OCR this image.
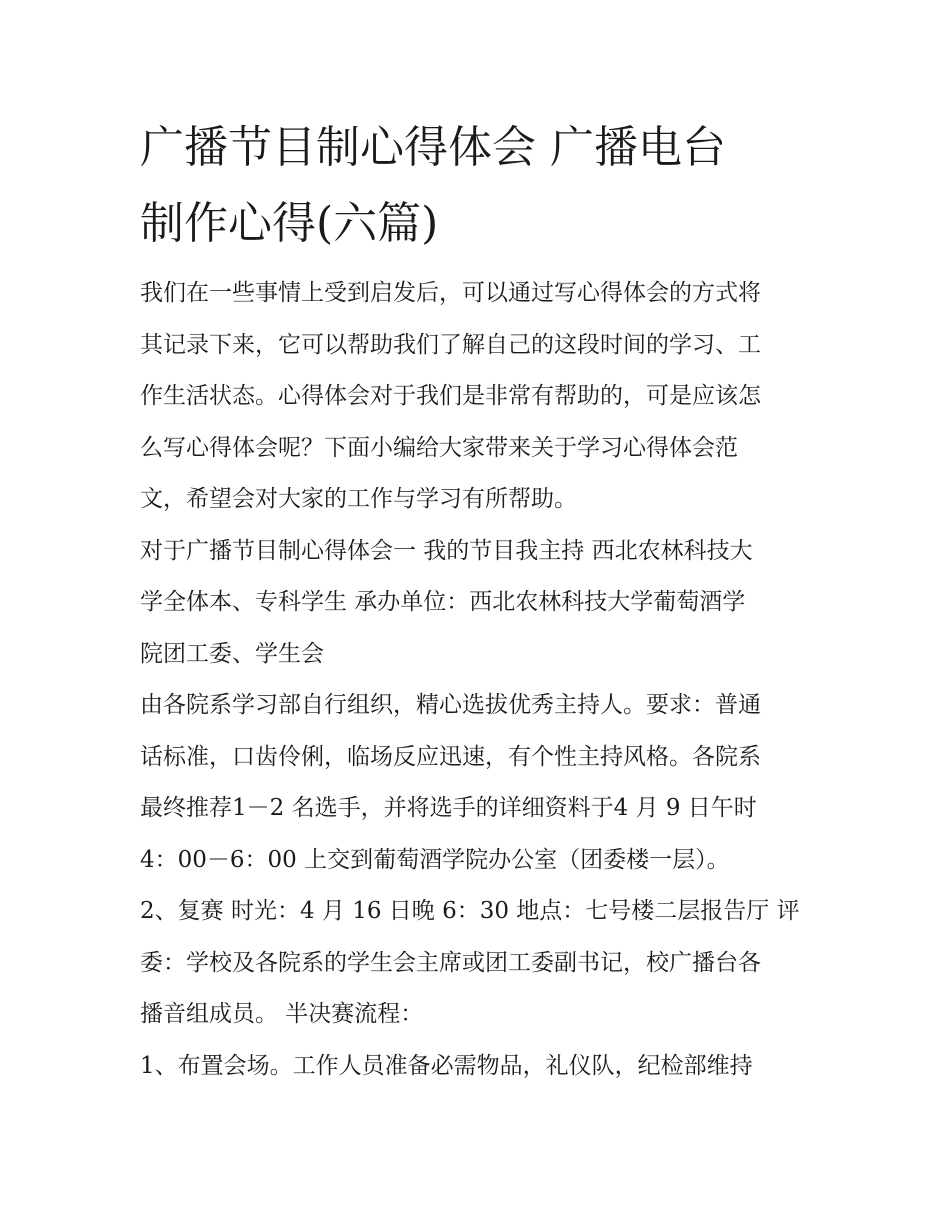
广播节目制心得体会 广播电台
制作心得(六篇)

我们在一些事情上受到启发后，可以通过写心得体会的方式将
其记录下来，它可以帮助我们了解自己的这段时间的学习、工
作生活状态。心得体会对于我们是非常有帮助的，可是应该怎
么写心得体会呢？下面小编给大家带来关于学习心得体会范
文，希望会对大家的工作与学习有所帮助。

对于广播节目制心得体会一 我的节目我主持 西北农林科技大
学全体本、专科学生 承办单位：西北农林科技大学葡萄酒学
院团工委、学生会

由各院系学习部自行组织，精心选拔优秀主持人。要求：普通
话标准，口齿伶俐，临场反应迅速，有个性主持风格。各院系
最终推荐1－2 名选手，并将选手的详细资料于4 月 9 日午时
4：00－6：00 上交到葡萄酒学院办公室（团委楼一层）。

2、复赛 时光：4 月 16 日晚 6：30 地点：七号楼二层报告厅 评
委：学校及各院系的学生会主席或团工委副书记，校广播台各
播音组成员。 半决赛流程：

1、布置会场。工作人员准备必需物品，礼仪队，纪检部维持
